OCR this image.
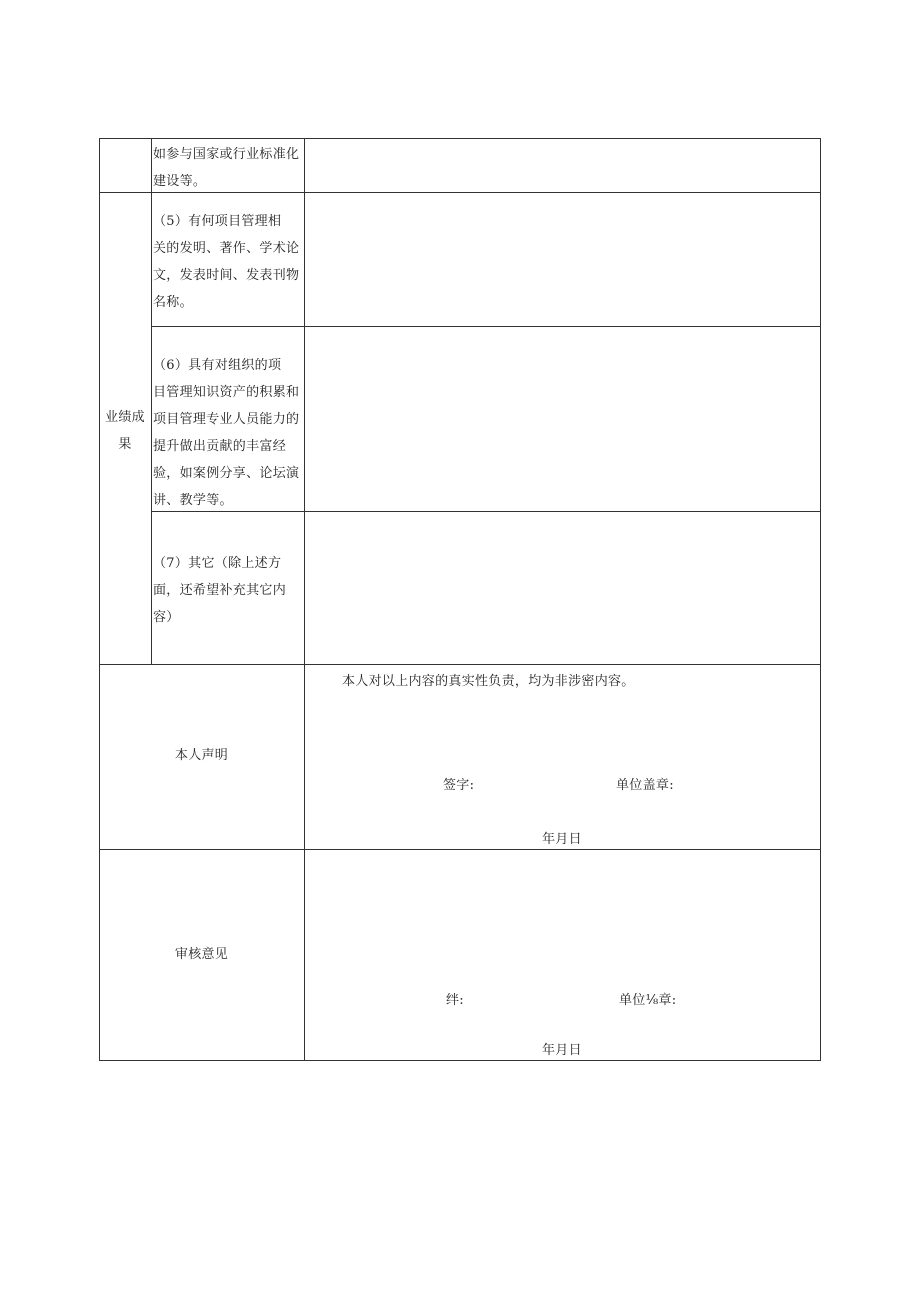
如参与国家或行业标准化
建设等。
业绩成
果
（5）有何项目管理相
关的发明、著作、学术论
文，发表时间、发表刊物
名称。
（6）具有对组织的项
目管理知识资产的积累和
项目管理专业人员能力的
提升做出贡献的丰富经
验，如案例分享、论坛演
讲、教学等。
（7）其它（除上述方
面，还希望补充其它内
容）
本人声明
本人对以上内容的真实性负责，均为非涉密内容。
签字:	单位盖章:
年月日
审核意见
绊:	单位⅛章:
年月日
